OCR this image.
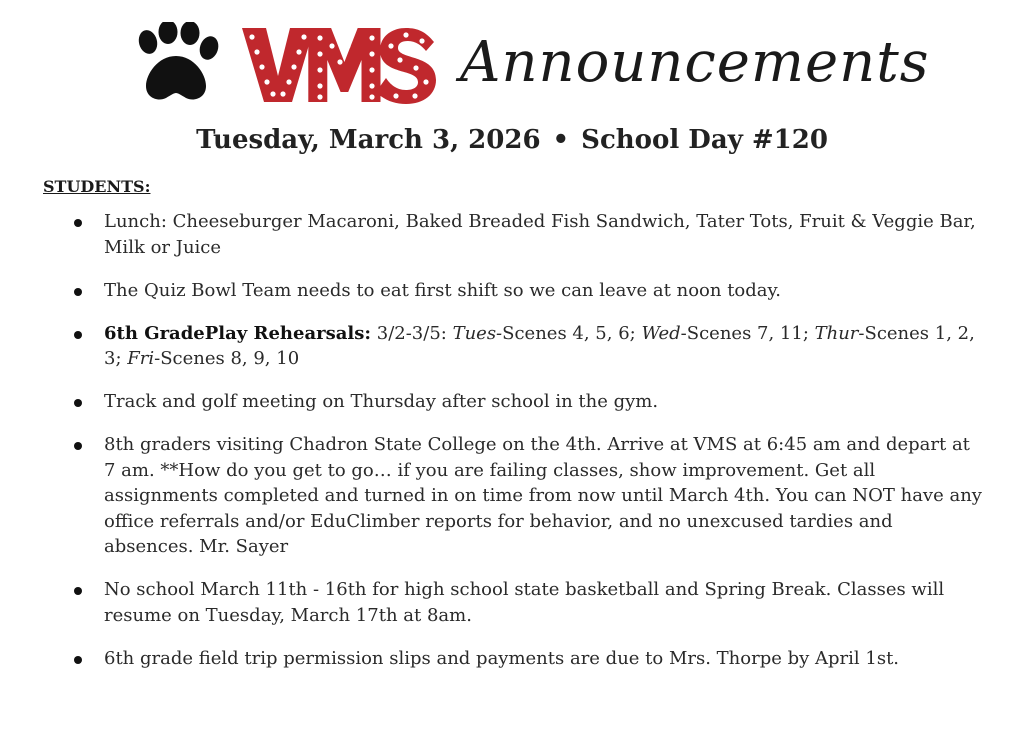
Announcements
Tuesday, March 3, 2026 • School Day #120
STUDENTS:
Lunch: Cheeseburger Macaroni, Baked Breaded Fish Sandwich, Tater Tots, Fruit & Veggie Bar, Milk or Juice
The Quiz Bowl Team needs to eat first shift so we can leave at noon today.
6th GradePlay Rehearsals: 3/2-3/5: Tues-Scenes 4, 5, 6; Wed-Scenes 7, 11; Thur-Scenes 1, 2, 3; Fri-Scenes 8, 9, 10
Track and golf meeting on Thursday after school in the gym.
8th graders visiting Chadron State College on the 4th. Arrive at VMS at 6:45 am and depart at 7 am. **How do you get to go… if you are failing classes, show improvement. Get all assignments completed and turned in on time from now until March 4th. You can NOT have any office referrals and/or EduClimber reports for behavior, and no unexcused tardies and absences. Mr. Sayer
No school March 11th - 16th for high school state basketball and Spring Break. Classes will resume on Tuesday, March 17th at 8am.
6th grade field trip permission slips and payments are due to Mrs. Thorpe by April 1st.
